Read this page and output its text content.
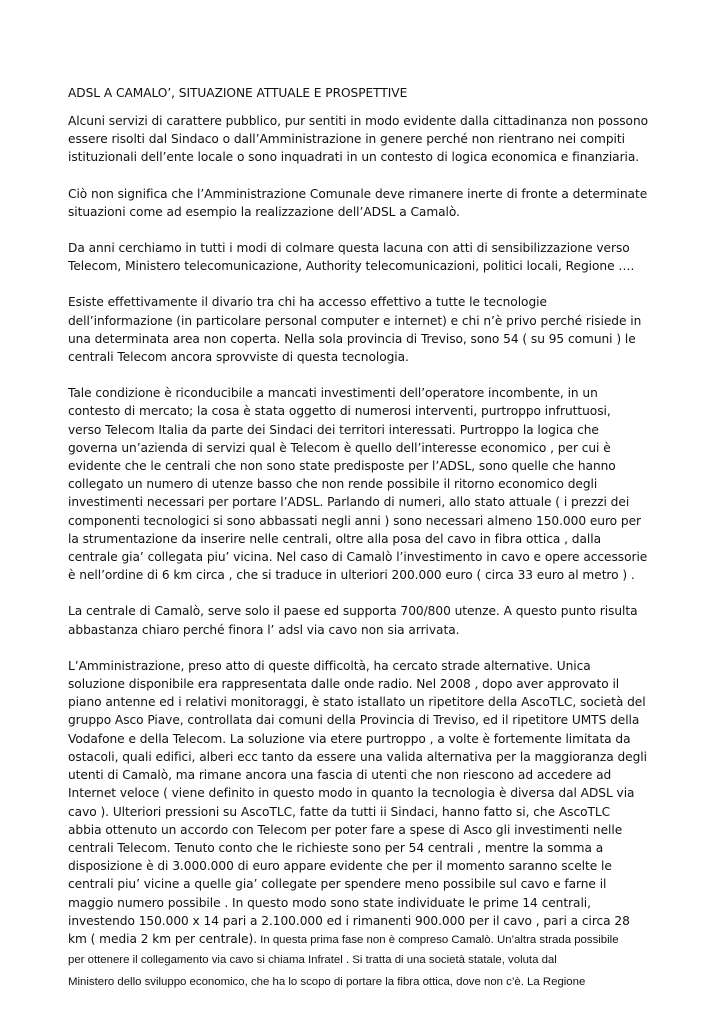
ADSL A CAMALO’, SITUAZIONE ATTUALE E PROSPETTIVE

Alcuni servizi di carattere pubblico, pur sentiti in modo evidente dalla cittadinanza non possono
essere risolti dal Sindaco o dall’Amministrazione in genere perché non rientrano nei compiti
istituzionali dell’ente locale o sono inquadrati in un contesto di logica economica e finanziaria.

Ciò non significa che l’Amministrazione Comunale deve rimanere inerte di fronte a determinate
situazioni come ad esempio la realizzazione dell’ADSL a Camalò.

Da anni cerchiamo in tutti i modi di colmare questa lacuna con atti di sensibilizzazione verso
Telecom, Ministero telecomunicazione, Authority telecomunicazioni, politici locali, Regione ….

Esiste effettivamente il divario tra chi ha accesso effettivo a tutte le tecnologie
dell’informazione (in particolare personal computer e internet) e chi n’è privo perché risiede in
una determinata area non coperta. Nella sola provincia di Treviso, sono 54 ( su 95 comuni ) le
centrali Telecom ancora sprovviste di questa tecnologia.

Tale condizione è riconducibile a mancati investimenti dell’operatore incombente, in un
contesto di mercato; la cosa è stata oggetto di numerosi interventi, purtroppo infruttuosi,
verso Telecom Italia da parte dei Sindaci dei territori interessati. Purtroppo la logica che
governa un’azienda di servizi qual è Telecom è quello dell’interesse economico , per cui è
evidente che le centrali che non sono state predisposte per l’ADSL, sono quelle che hanno
collegato un numero di utenze basso che non rende possibile il ritorno economico degli
investimenti necessari per portare l’ADSL. Parlando di numeri, allo stato attuale ( i prezzi dei
componenti tecnologici si sono abbassati negli anni ) sono necessari almeno 150.000 euro per
la strumentazione da inserire nelle centrali, oltre alla posa del cavo in fibra ottica , dalla
centrale gia’ collegata piu’ vicina. Nel caso di Camalò l’investimento in cavo e opere accessorie
è nell’ordine di 6 km circa , che si traduce in ulteriori 200.000 euro ( circa 33 euro al metro ) .

La centrale di Camalò, serve solo il paese ed supporta 700/800 utenze. A questo punto risulta
abbastanza chiaro perché finora l’ adsl via cavo non sia arrivata.

L’Amministrazione, preso atto di queste difficoltà, ha cercato strade alternative. Unica
soluzione disponibile era rappresentata dalle onde radio. Nel 2008 , dopo aver approvato il
piano antenne ed i relativi monitoraggi, è stato istallato un ripetitore della AscoTLC, società del
gruppo Asco Piave, controllata dai comuni della Provincia di Treviso, ed il ripetitore UMTS della
Vodafone e della Telecom. La soluzione via etere purtroppo , a volte è fortemente limitata da
ostacoli, quali edifici, alberi ecc tanto da essere una valida alternativa per la maggioranza degli
utenti di Camalò, ma rimane ancora una fascia di utenti che non riescono ad accedere ad
Internet veloce ( viene definito in questo modo in quanto la tecnologia è diversa dal ADSL via
cavo ). Ulteriori pressioni su AscoTLC, fatte da tutti ii Sindaci, hanno fatto si, che AscoTLC
abbia ottenuto un accordo con Telecom per poter fare a spese di Asco gli investimenti nelle
centrali Telecom. Tenuto conto che le richieste sono per 54 centrali , mentre la somma a
disposizione è di 3.000.000 di euro appare evidente che per il momento saranno scelte le
centrali piu’ vicine a quelle gia’ collegate per spendere meno possibile sul cavo e farne il
maggio numero possibile . In questo modo sono state individuate le prime 14 centrali,
investendo 150.000 x 14 pari a 2.100.000 ed i rimanenti 900.000 per il cavo , pari a circa 28
km ( media 2 km per centrale). In questa prima fase non è compreso Camalò. Un’altra strada possibile
per ottenere il collegamento via cavo si chiama Infratel . Si tratta di una società statale, voluta dal
Ministero dello sviluppo economico, che ha lo scopo di portare la fibra ottica, dove non c’è. La Regione
